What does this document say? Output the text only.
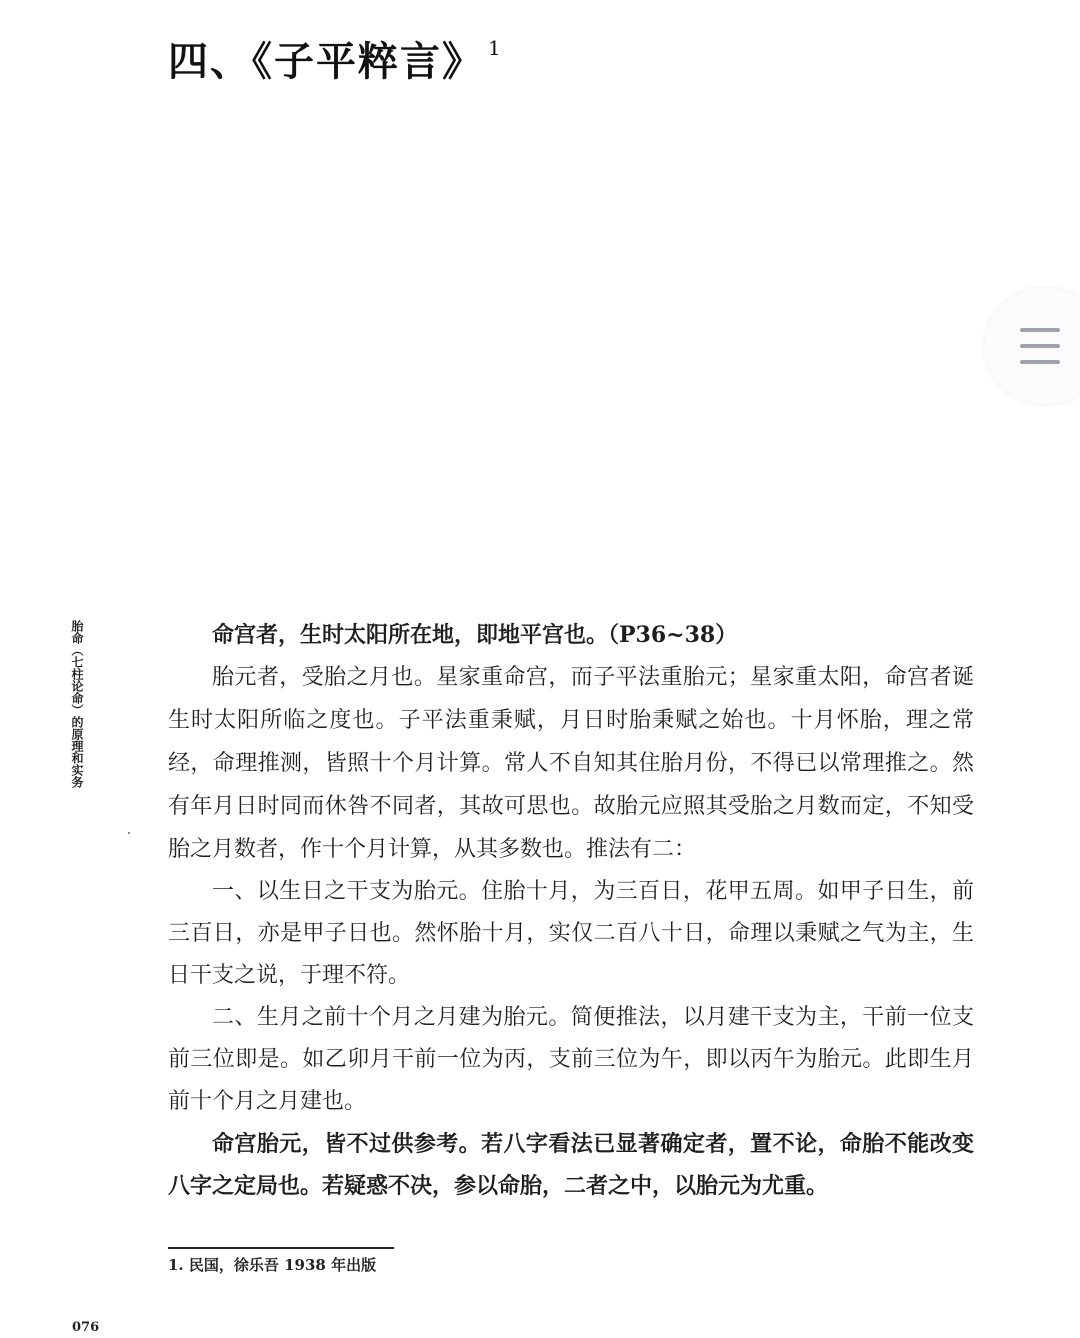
四、《子平粹言》 $^1$
胎命（七柱论命）的原理和实务	命宫者，生时太阳所在地，即地平宫也。（P36~38）

胎元者，受胎之月也。星家重命宫，而子平法重胎元；星家重太阳，命宫者诞生时太阳所临之度也。子平法重秉赋，月日时胎秉赋之始也。十月怀胎，理之常经，命理推测，皆照十个月计算。常人不自知其住胎月份，不得已以常理推之。然有年月日时同而休咎不同者，其故可思也。故胎元应照其受胎之月数而定，不知受胎之月数者，作十个月计算，从其多数也。推法有二：

一、以生日之干支为胎元。住胎十月，为三百日，花甲五周。如甲子日生，前三百日，亦是甲子日也。然怀胎十月，实仅二百八十日，命理以秉赋之气为主，生日干支之说，于理不符。

二、生月之前十个月之月建为胎元。简便推法，以月建干支为主，干前一位支前三位即是。如乙卯月干前一位为丙，支前三位为午，即以丙午为胎元。此即生月前十个月之月建也。

命宫胎元，皆不过供参考。若八字看法已显著确定者，置不论，命胎不能改变八字之定局也。若疑惑不决，参以命胎，二者之中，以胎元为尤重。

1. 民国，徐乐吾 1938 年出版
076
